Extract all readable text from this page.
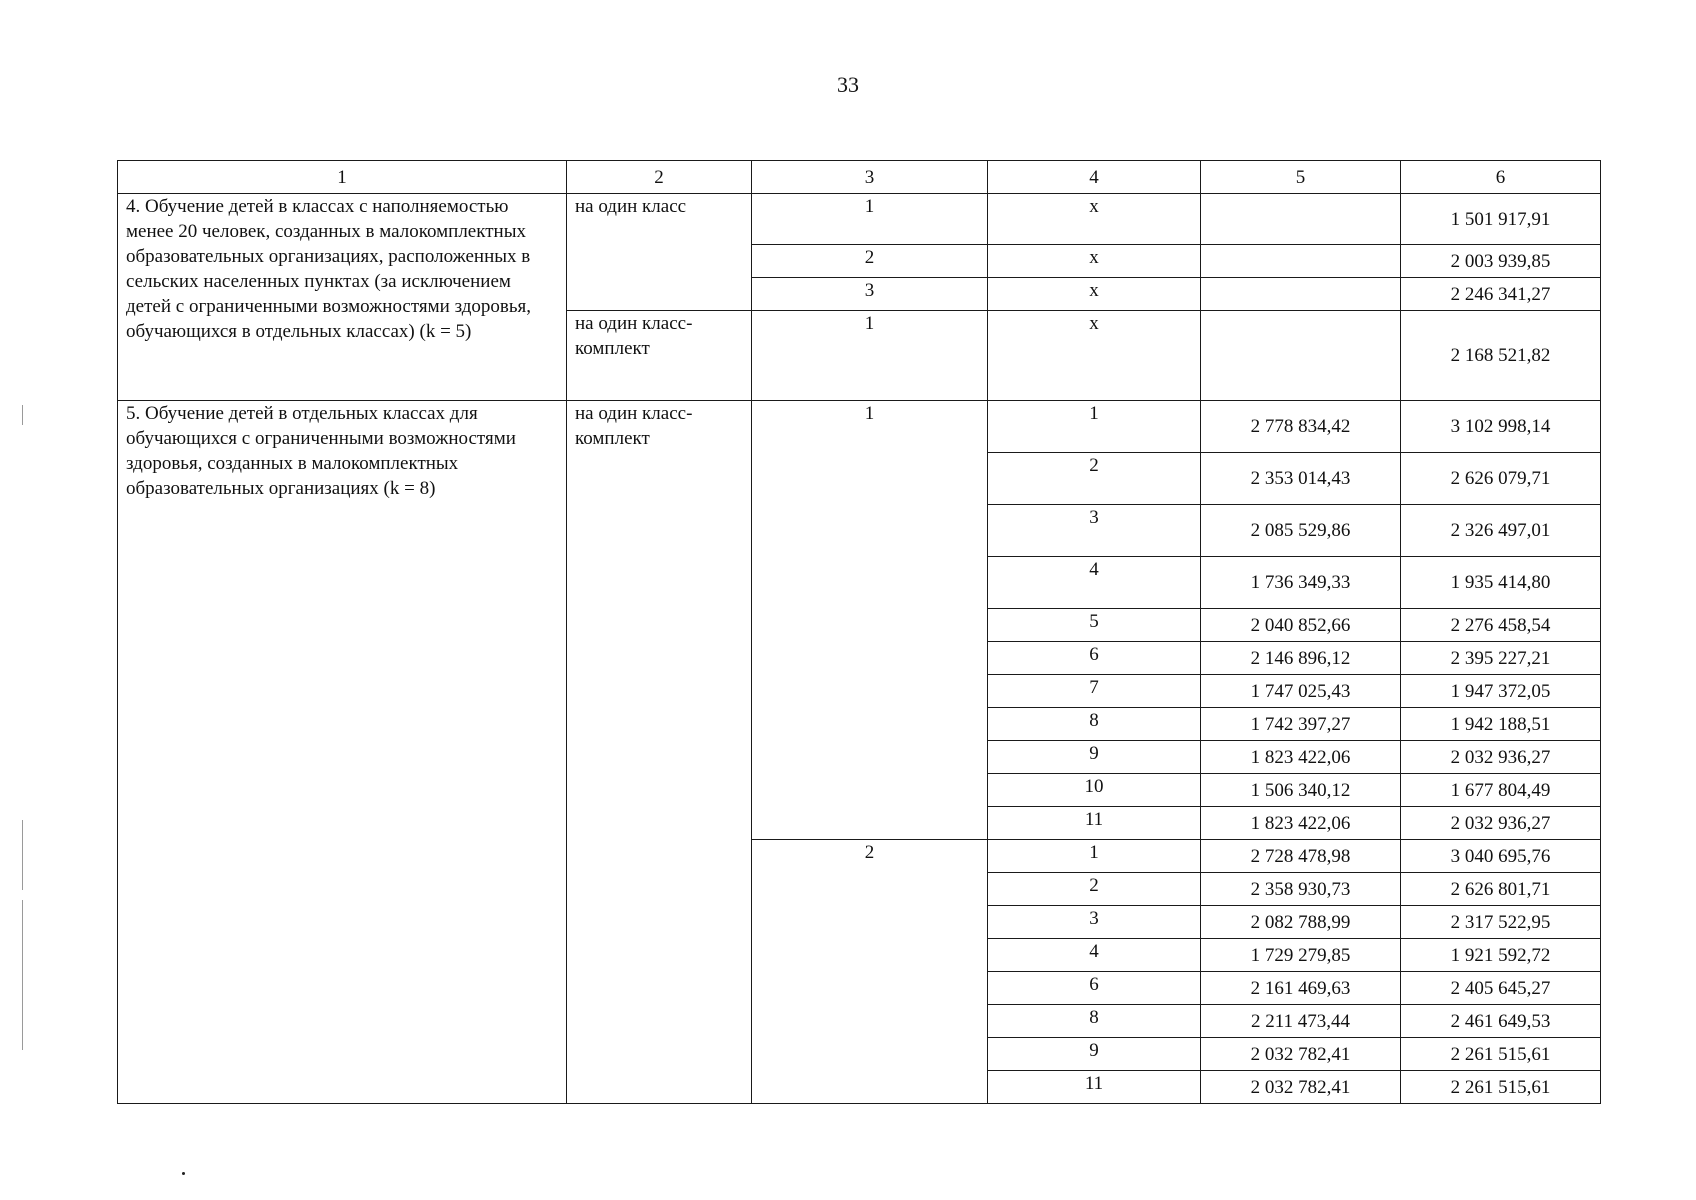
33
1	2	3	4	5	6
4. Обучение детей в классах с наполняемостью менее 20 человек, созданных в малокомплектных образовательных организациях, расположенных в сельских населенных пунктах (за исключением детей с ограниченными возможностями здоровья, обучающихся в отдельных классах) (k = 5)	на один класс	1	х		1 501 917,91
		2	х		2 003 939,85
		3	х		2 246 341,27
	на один класс-комплект	1	х		2 168 521,82
5. Обучение детей в отдельных классах для обучающихся с ограниченными возможностями здоровья, созданных в малокомплектных образовательных организациях (k = 8)	на один класс-комплект	1	1	2 778 834,42	3 102 998,14
			2	2 353 014,43	2 626 079,71
			3	2 085 529,86	2 326 497,01
			4	1 736 349,33	1 935 414,80
			5	2 040 852,66	2 276 458,54
			6	2 146 896,12	2 395 227,21
			7	1 747 025,43	1 947 372,05
			8	1 742 397,27	1 942 188,51
			9	1 823 422,06	2 032 936,27
			10	1 506 340,12	1 677 804,49
			11	1 823 422,06	2 032 936,27
		2	1	2 728 478,98	3 040 695,76
			2	2 358 930,73	2 626 801,71
			3	2 082 788,99	2 317 522,95
			4	1 729 279,85	1 921 592,72
			6	2 161 469,63	2 405 645,27
			8	2 211 473,44	2 461 649,53
			9	2 032 782,41	2 261 515,61
			11	2 032 782,41	2 261 515,61
